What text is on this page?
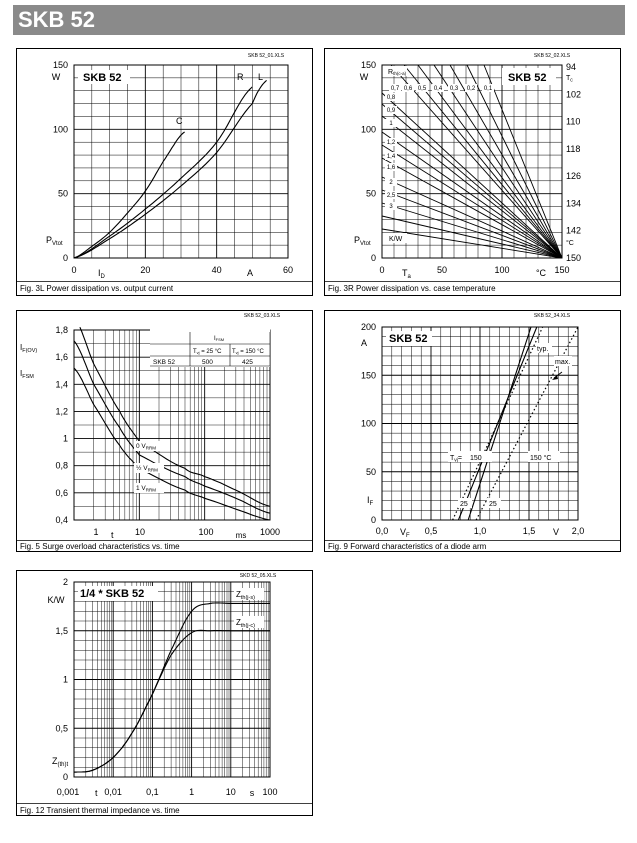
SKB 52
SKB 52_01.XLS
0
50
100
150
0	20	40	60
SKB 52
W
$P_{Vtot}$
$I_D$	A
Fig. 3L Power dissipation vs. output current
C
R L
SKB 52_02.XLS
0
50
100
150
0	50	100	150
94
102
110
118
126
134
142
150
SKB 52
W	$T_c$
°C
K/W
Rth(c-a)
0,7 0,6 0,5 0,4 0,3 0,2 0,1
0,8
0,9
1
1,2
1,4
1,6
2
2,5
3
$P_{Vtot}$
$T_a$	°C
Fig. 3R Power dissipation vs. case temperature
SKB 52_03.XLS
0,4
0,6
0,8
1
1,2
1,4
1,6
1,8
1	10	100	1000
IFSM
Tvj = 25 °C Tvj = 150 °C
SKB 52	500	425
$I_{F(OV)}$
$I_{FSM}$
0 $V_{RRM}$
½ $V_{RRM}$
1 $V_{RRM}$
t	ms
Fig. 5 Surge overload characteristics vs. time
SKB 52_34.XLS
0
50
100
150
200
0,0	0,5	1,0	1,5	2,0
SKB 52
A
typ.
max.
$T_{vj}= 150$	150 °C
25	25
$I_F$
$V_F$	V
Fig. 9 Forward characteristics of a diode arm
SKD 52_05.XLS
0
0,5
1
1,5
2
0,001	0,01	0,1	1	10	100
1/4 * SKB 52
K/W
$Z_{th(j-s)}$
$Z_{th(j-c)}$
$Z_{(th)t}$
t	s
Fig. 12 Transient thermal impedance vs. time
